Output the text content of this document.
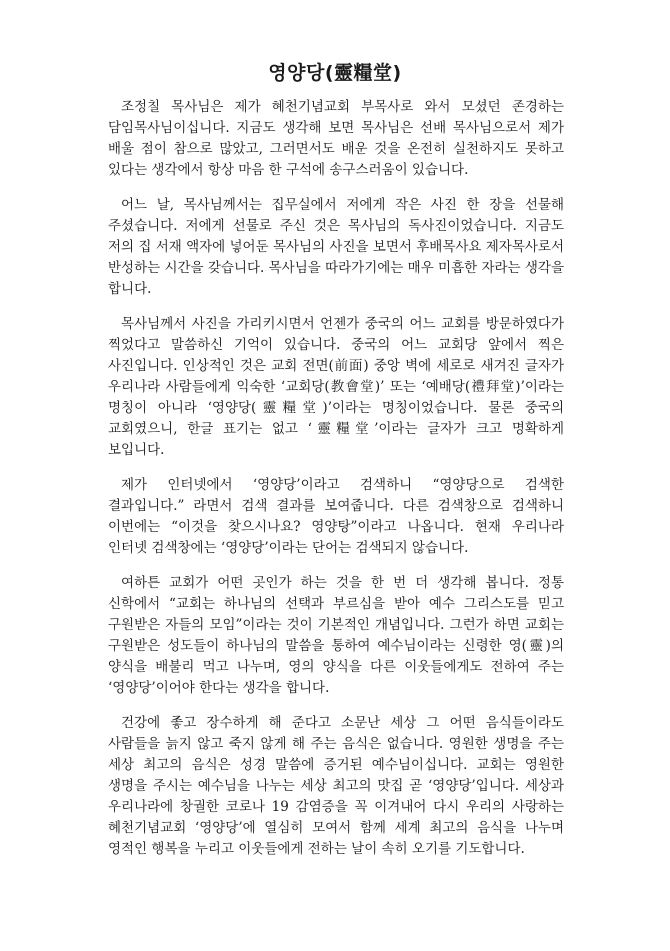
영양당(靈糧堂)

조정칠 목사님은 제가 혜천기념교회 부목사로 와서 모셨던 존경하는 담임목사님이십니다. 지금도 생각해 보면 목사님은 선배 목사님으로서 제가 배울 점이 참으로 많았고, 그러면서도 배운 것을 온전히 실천하지도 못하고 있다는 생각에서 항상 마음 한 구석에 송구스러움이 있습니다.

어느 날, 목사님께서는 집무실에서 저에게 작은 사진 한 장을 선물해 주셨습니다. 저에게 선물로 주신 것은 목사님의 독사진이었습니다. 지금도 저의 집 서재 액자에 넣어둔 목사님의 사진을 보면서 후배목사요 제자목사로서 반성하는 시간을 갖습니다. 목사님을 따라가기에는 매우 미흡한 자라는 생각을 합니다.

목사님께서 사진을 가리키시면서 언젠가 중국의 어느 교회를 방문하였다가 찍었다고 말씀하신 기억이 있습니다. 중국의 어느 교회당 앞에서 찍은 사진입니다. 인상적인 것은 교회 전면(前面) 중앙 벽에 세로로 새겨진 글자가 우리나라 사람들에게 익숙한 ‘교회당(教會堂)’ 또는 ‘예배당(禮拜堂)’이라는 명칭이 아니라 ‘영양당(靈糧堂)’이라는 명칭이었습니다. 물론 중국의 교회였으니, 한글 표기는 없고 ‘靈糧堂’이라는 글자가 크고 명확하게 보입니다.

제가 인터넷에서 ‘영양당’이라고 검색하니 “영양당으로 검색한 결과입니다.” 라면서 검색 결과를 보여줍니다. 다른 검색창으로 검색하니 이번에는 “이것을 찾으시나요? 영양탕”이라고 나옵니다. 현재 우리나라 인터넷 검색창에는 ‘영양당’이라는 단어는 검색되지 않습니다.

여하튼 교회가 어떤 곳인가 하는 것을 한 번 더 생각해 봅니다. 정통 신학에서 “교회는 하나님의 선택과 부르심을 받아 예수 그리스도를 믿고 구원받은 자들의 모임”이라는 것이 기본적인 개념입니다. 그런가 하면 교회는 구원받은 성도들이 하나님의 말씀을 통하여 예수님이라는 신령한 영(靈)의 양식을 배불리 먹고 나누며, 영의 양식을 다른 이웃들에게도 전하여 주는 ‘영양당’이어야 한다는 생각을 합니다.

건강에 좋고 장수하게 해 준다고 소문난 세상 그 어떤 음식들이라도 사람들을 늙지 않고 죽지 않게 해 주는 음식은 없습니다. 영원한 생명을 주는 세상 최고의 음식은 성경 말씀에 증거된 예수님이십니다. 교회는 영원한 생명을 주시는 예수님을 나누는 세상 최고의 맛집 곧 ‘영양당’입니다. 세상과 우리나라에 창궐한 코로나 19 감염증을 꼭 이겨내어 다시 우리의 사랑하는 혜천기념교회 ‘영양당’에 열심히 모여서 함께 세계 최고의 음식을 나누며 영적인 행복을 누리고 이웃들에게 전하는 날이 속히 오기를 기도합니다.
